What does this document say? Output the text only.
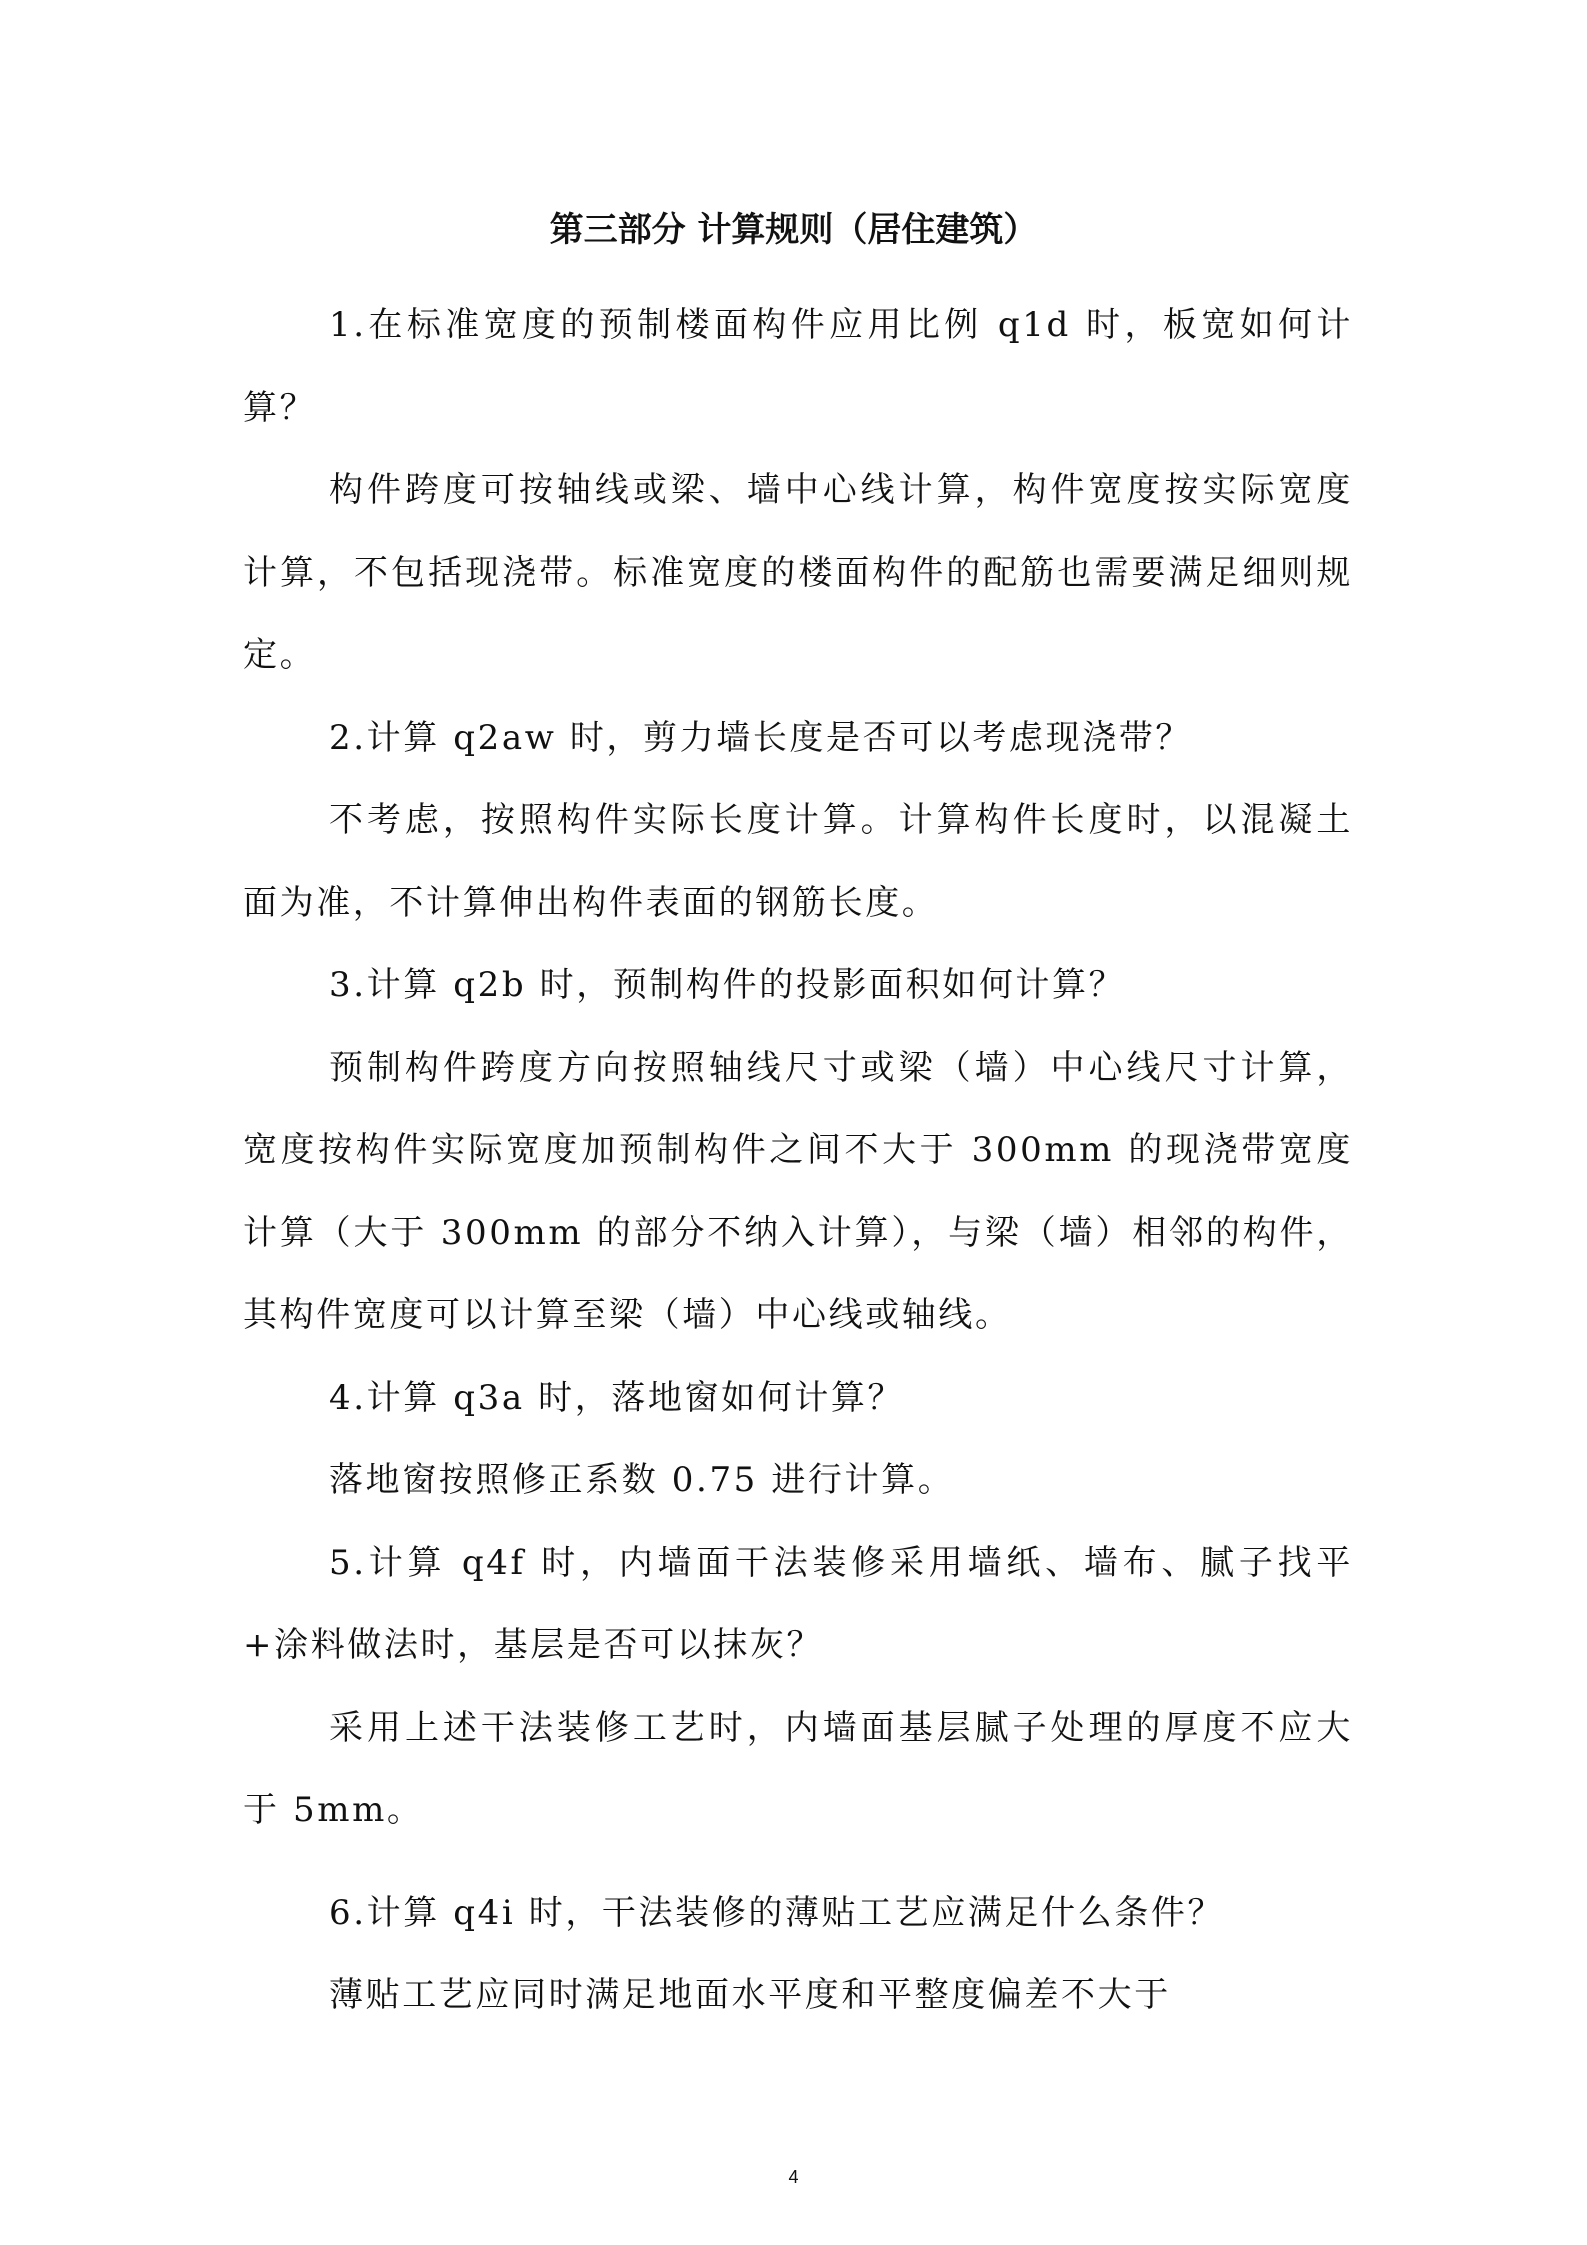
第三部分 计算规则（居住建筑）

1.在标准宽度的预制楼面构件应用比例 q1d 时，板宽如何计算？

构件跨度可按轴线或梁、墙中心线计算，构件宽度按实际宽度计算，不包括现浇带。标准宽度的楼面构件的配筋也需要满足细则规定。

2.计算 q2aw 时，剪力墙长度是否可以考虑现浇带？

不考虑，按照构件实际长度计算。计算构件长度时，以混凝土面为准，不计算伸出构件表面的钢筋长度。

3.计算 q2b 时，预制构件的投影面积如何计算？

预制构件跨度方向按照轴线尺寸或梁（墙）中心线尺寸计算，宽度按构件实际宽度加预制构件之间不大于 300mm 的现浇带宽度计算（大于 300mm 的部分不纳入计算），与梁（墙）相邻的构件，其构件宽度可以计算至梁（墙）中心线或轴线。

4.计算 q3a 时，落地窗如何计算？

落地窗按照修正系数 0.75 进行计算。

5.计算 q4f 时，内墙面干法装修采用墙纸、墙布、腻子找平+涂料做法时，基层是否可以抹灰？

采用上述干法装修工艺时，内墙面基层腻子处理的厚度不应大于 5mm。

6.计算 q4i 时，干法装修的薄贴工艺应满足什么条件？

薄贴工艺应同时满足地面水平度和平整度偏差不大于

4
